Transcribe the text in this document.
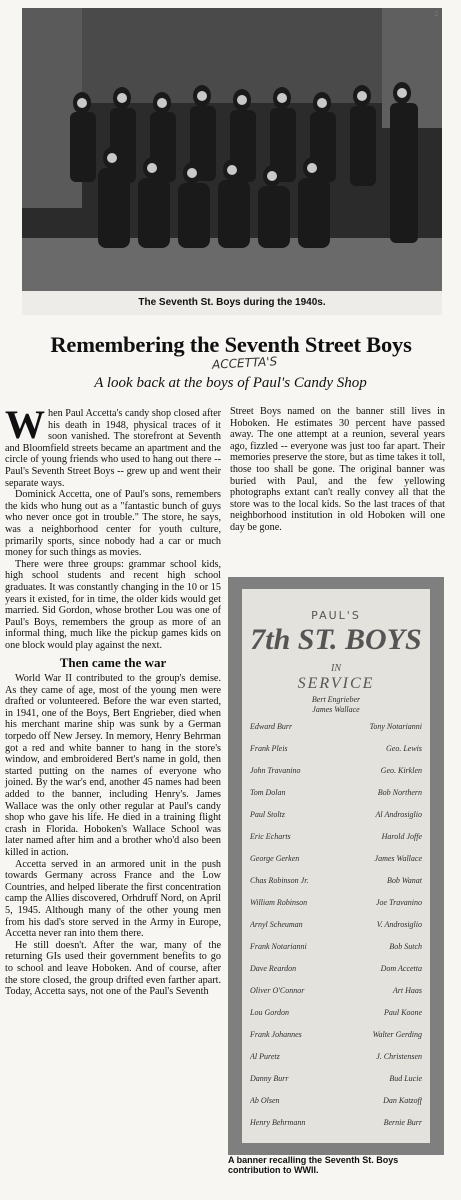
2
The Seventh St. Boys during the 1940s.
Remembering the Seventh Street Boys
ACCETTA'S
A look back at the boys of Paul's Candy Shop

When Paul Accetta's candy shop closed after his death in 1948, physical traces of it soon vanished. The storefront at Seventh and Bloomfield streets became an apartment and the circle of young friends who used to hang out there -- Paul's Seventh Street Boys -- grew up and went their separate ways.

Dominick Accetta, one of Paul's sons, remembers the kids who hung out as a "fantastic bunch of guys who never once got in trouble." The store, he says, was a neighborhood center for youth culture, primarily sports, since nobody had a car or much money for such things as movies.

There were three groups: grammar school kids, high school students and recent high school graduates. It was constantly changing in the 10 or 15 years it existed, for in time, the older kids would get married. Sid Gordon, whose brother Lou was one of Paul's Boys, remembers the group as more of an informal thing, much like the pickup games kids on one block would play against the next.

Then came the war

World War II contributed to the group's demise. As they came of age, most of the young men were drafted or volunteered. Before the war even started, in 1941, one of the Boys, Bert Engrieber, died when his merchant marine ship was sunk by a German torpedo off New Jersey. In memory, Henry Behrman got a red and white banner to hang in the store's window, and embroidered Bert's name in gold, then started putting on the names of everyone who joined. By the war's end, another 45 names had been added to the banner, including Henry's. James Wallace was the only other regular at Paul's candy shop who gave his life. He died in a training flight crash in Florida. Hoboken's Wallace School was later named after him and a brother who'd also been killed in action.

Accetta served in an armored unit in the push towards Germany across France and the Low Countries, and helped liberate the first concentration camp the Allies discovered, Orhdruff Nord, on April 5, 1945. Although many of the other young men from his dad's store served in the Army in Europe, Accetta never ran into them there.

He still doesn't. After the war, many of the returning GIs used their government benefits to go to school and leave Hoboken. And of course, after the store closed, the group drifted even farther apart. Today, Accetta says, not one of the Paul's Seventh

Street Boys named on the banner still lives in Hoboken. He estimates 30 percent have passed away. The one attempt at a reunion, several years ago, fizzled -- everyone was just too far apart. Their memories preserve the store, but as time takes it toll, those too shall be gone. The original banner was buried with Paul, and the few yellowing photographs extant can't really convey all that the store was to the local kids. So the last traces of that neighborhood institution in old Hoboken will one day be gone.

PAUL'S
7th ST. BOYS
IN
SERVICE
Bert Engrieber
James Wallace
Edward Burr	Tony Notarianni
Frank Pleis	Geo. Lewis
John Travanino	Geo. Kirklen
Tom Dolan	Bob Northern
Paul Stoltz	Al Androsiglio
Eric Echarts	Harold Joffe
George Gerken	James Wallace
Chas Robinson Jr.	Bob Wanat
William Robinson	Joe Travanino
Arnyl Scheuman	V. Androsiglio
Frank Notarianni	Bob Sutch
Dave Reardon	Dom Accetta
Oliver O'Connor	Art Haas
Lou Gordon	Paul Koone
Frank Johannes	Walter Gerding
Al Puretz	J. Christensen
Danny Burr	Bud Lucie
Ab Olsen	Dan Katzoff
Henry Behrmann	Bernie Burr
A banner recalling the Seventh St. Boys contribution to WWII.
